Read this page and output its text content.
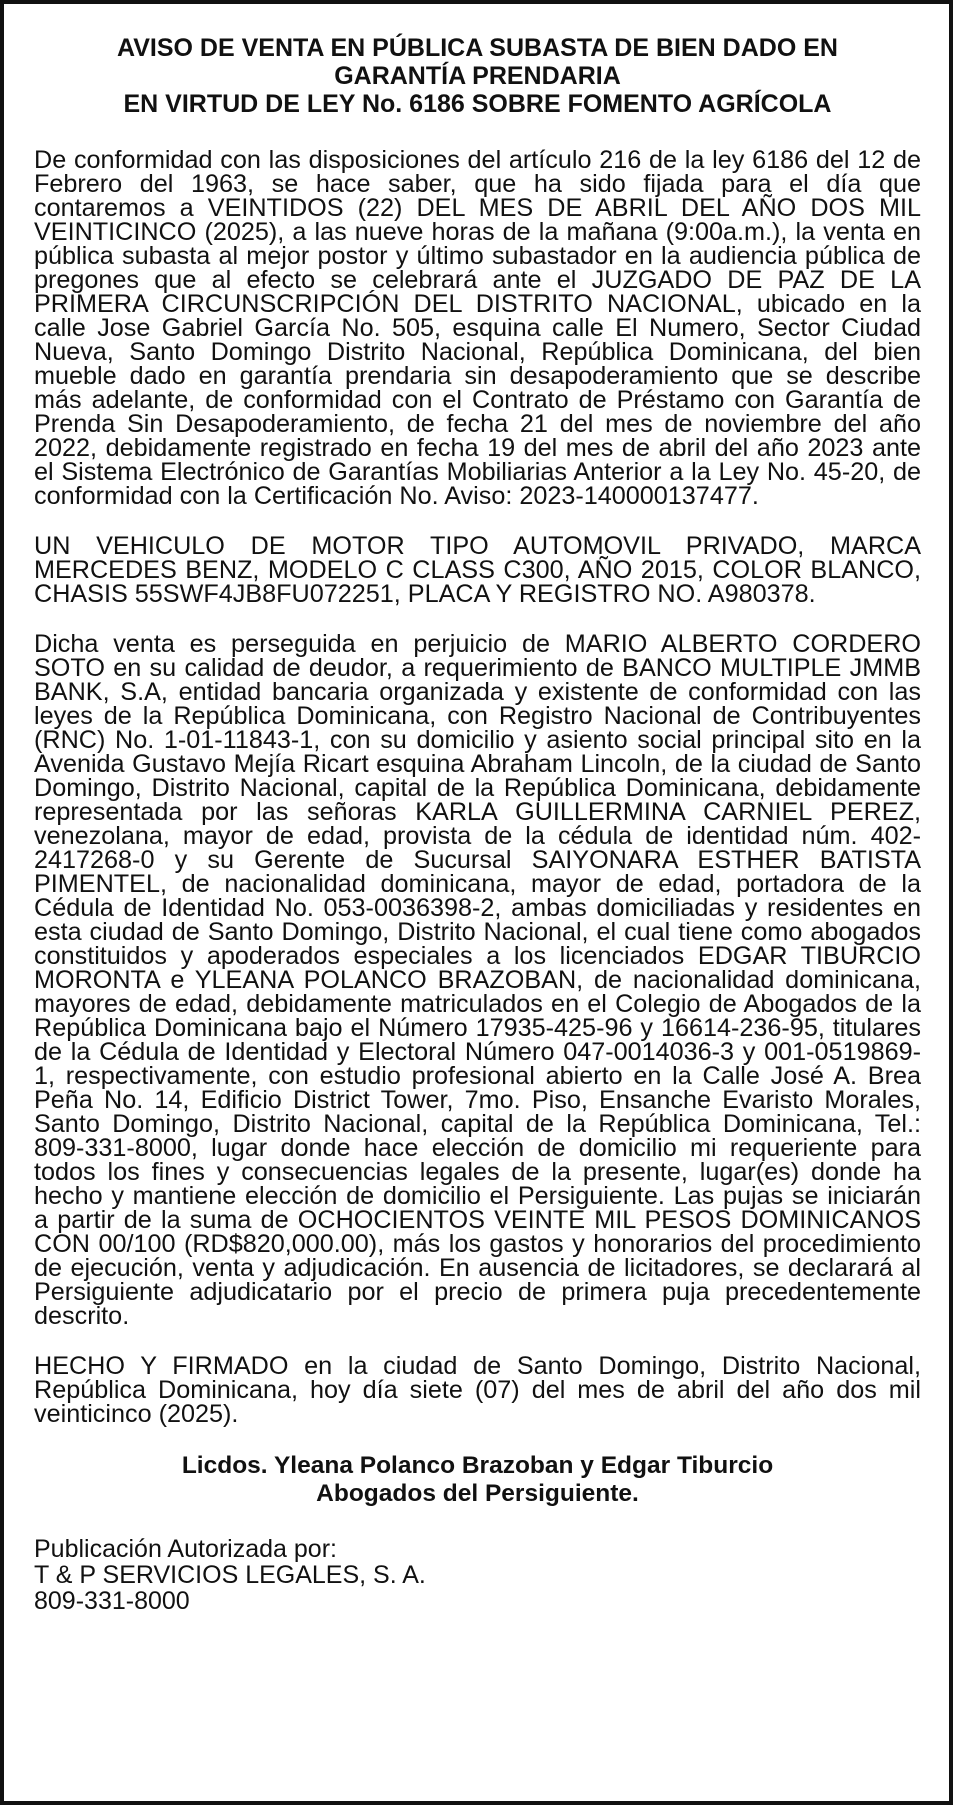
AVISO DE VENTA EN PÚBLICA SUBASTA DE BIEN DADO EN
GARANTÍA PRENDARIA
EN VIRTUD DE LEY No. 6186 SOBRE FOMENTO AGRÍCOLA

De conformidad con las disposiciones del artículo 216 de la ley 6186 del 12 de Febrero del 1963, se hace saber, que ha sido fijada para el día que contaremos a VEINTIDOS (22) DEL MES DE ABRIL DEL AÑO DOS MIL VEINTICINCO (2025), a las nueve horas de la mañana (9:00a.m.), la venta en pública subasta al mejor postor y último subastador en la audiencia pública de pregones que al efecto se celebrará ante el JUZGADO DE PAZ DE LA PRIMERA CIRCUNSCRIPCIÓN DEL DISTRITO NACIONAL, ubicado en la calle Jose Gabriel García No. 505, esquina calle El Numero, Sector Ciudad Nueva, Santo Domingo Distrito Nacional, República Dominicana, del bien mueble dado en garantía prendaria sin desapoderamiento que se describe más adelante, de conformidad con el Contrato de Préstamo con Garantía de Prenda Sin Desapoderamiento, de fecha 21 del mes de noviembre del año 2022, debidamente registrado en fecha 19 del mes de abril del año 2023 ante el Sistema Electrónico de Garantías Mobiliarias Anterior a la Ley No. 45-20, de conformidad con la Certificación No. Aviso: 2023-140000137477.

UN VEHICULO DE MOTOR TIPO AUTOMOVIL PRIVADO, MARCA MERCEDES BENZ, MODELO C CLASS C300, AÑO 2015, COLOR BLANCO, CHASIS 55SWF4JB8FU072251, PLACA Y REGISTRO NO. A980378.

Dicha venta es perseguida en perjuicio de MARIO ALBERTO CORDERO SOTO en su calidad de deudor, a requerimiento de BANCO MULTIPLE JMMB BANK, S.A, entidad bancaria organizada y existente de conformidad con las leyes de la República Dominicana, con Registro Nacional de Contribuyentes (RNC) No. 1-01-11843-1, con su domicilio y asiento social principal sito en la Avenida Gustavo Mejía Ricart esquina Abraham Lincoln, de la ciudad de Santo Domingo, Distrito Nacional, capital de la República Dominicana, debidamente representada por las señoras KARLA GUILLERMINA CARNIEL PEREZ, venezolana, mayor de edad, provista de la cédula de identidad núm. 402-2417268-0 y su Gerente de Sucursal SAIYONARA ESTHER BATISTA PIMENTEL, de nacionalidad dominicana, mayor de edad, portadora de la Cédula de Identidad No. 053-0036398-2, ambas domiciliadas y residentes en esta ciudad de Santo Domingo, Distrito Nacional, el cual tiene como abogados constituidos y apoderados especiales a los licenciados EDGAR TIBURCIO MORONTA e YLEANA POLANCO BRAZOBAN, de nacionalidad dominicana, mayores de edad, debidamente matriculados en el Colegio de Abogados de la República Dominicana bajo el Número 17935-425-96 y 16614-236-95, titulares de la Cédula de Identidad y Electoral Número 047-0014036-3 y 001-0519869-1, respectivamente, con estudio profesional abierto en la Calle José A. Brea Peña No. 14, Edificio District Tower, 7mo. Piso, Ensanche Evaristo Morales, Santo Domingo, Distrito Nacional, capital de la República Dominicana, Tel.: 809-331-8000, lugar donde hace elección de domicilio mi requeriente para todos los fines y consecuencias legales de la presente, lugar(es) donde ha hecho y mantiene elección de domicilio el Persiguiente. Las pujas se iniciarán a partir de la suma de OCHOCIENTOS VEINTE MIL PESOS DOMINICANOS CON 00/100 (RD$820,000.00), más los gastos y honorarios del procedimiento de ejecución, venta y adjudicación. En ausencia de licitadores, se declarará al Persiguiente adjudicatario por el precio de primera puja precedentemente descrito.

HECHO Y FIRMADO en la ciudad de Santo Domingo, Distrito Nacional, República Dominicana, hoy día siete (07) del mes de abril del año dos mil veinticinco (2025).

Licdos. Yleana Polanco Brazoban y Edgar Tiburcio
Abogados del Persiguiente.
Publicación Autorizada por:
T & P SERVICIOS LEGALES, S. A.
809-331-8000
